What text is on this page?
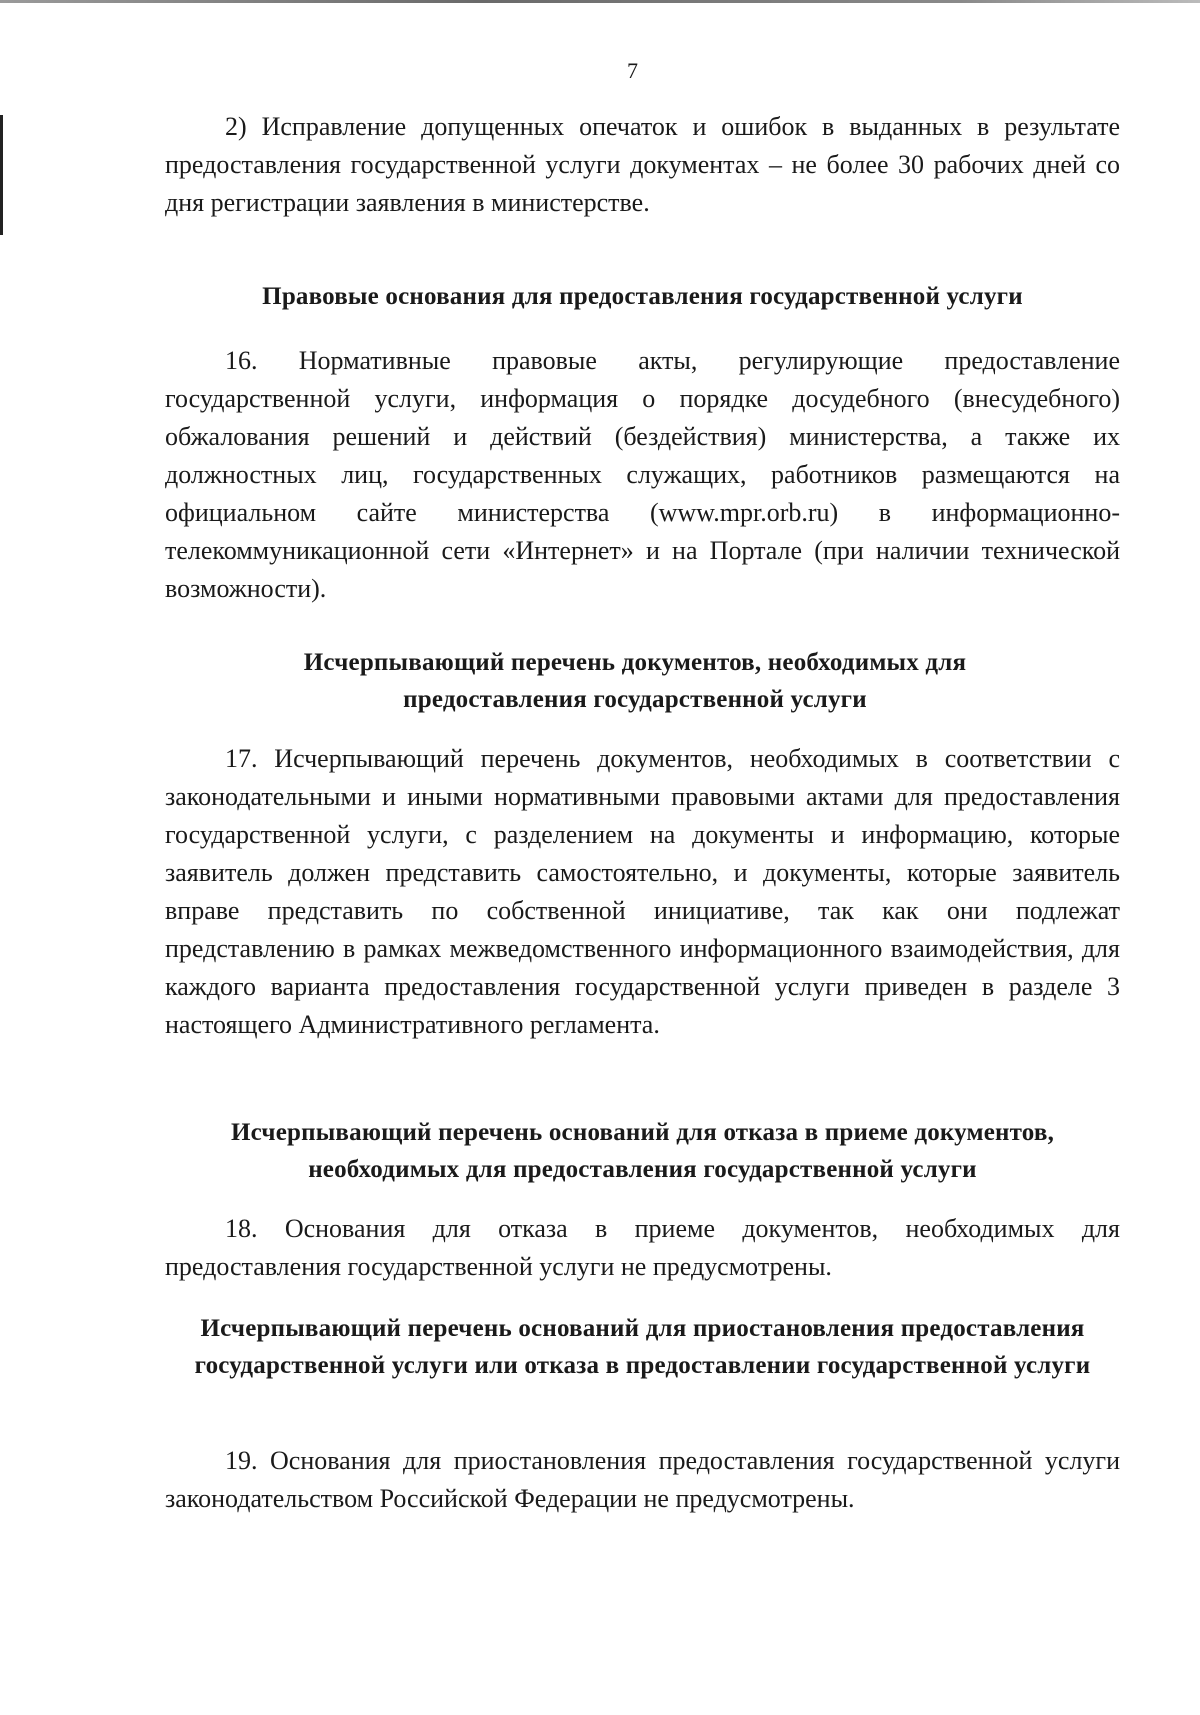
7

2) Исправление допущенных опечаток и ошибок в выданных в результате предоставления государственной услуги документах – не более 30 рабочих дней со дня регистрации заявления в министерстве.

Правовые основания для предоставления государственной услуги

16. Нормативные правовые акты, регулирующие предоставление государственной услуги, информация о порядке досудебного (внесудебного) обжалования решений и действий (бездействия) министерства, а также их должностных лиц, государственных служащих, работников размещаются на официальном сайте министерства (www.mpr.orb.ru) в информационно-телекоммуникационной сети «Интернет» и на Портале (при наличии технической возможности).

Исчерпывающий перечень документов, необходимых для предоставления государственной услуги

17. Исчерпывающий перечень документов, необходимых в соответствии с законодательными и иными нормативными правовыми актами для предоставления государственной услуги, с разделением на документы и информацию, которые заявитель должен представить самостоятельно, и документы, которые заявитель вправе представить по собственной инициативе, так как они подлежат представлению в рамках межведомственного информационного взаимодействия, для каждого варианта предоставления государственной услуги приведен в разделе 3 настоящего Административного регламента.

Исчерпывающий перечень оснований для отказа в приеме документов, необходимых для предоставления государственной услуги

18. Основания для отказа в приеме документов, необходимых для предоставления государственной услуги не предусмотрены.

Исчерпывающий перечень оснований для приостановления предоставления государственной услуги или отказа в предоставлении государственной услуги

19. Основания для приостановления предоставления государственной услуги законодательством Российской Федерации не предусмотрены.
